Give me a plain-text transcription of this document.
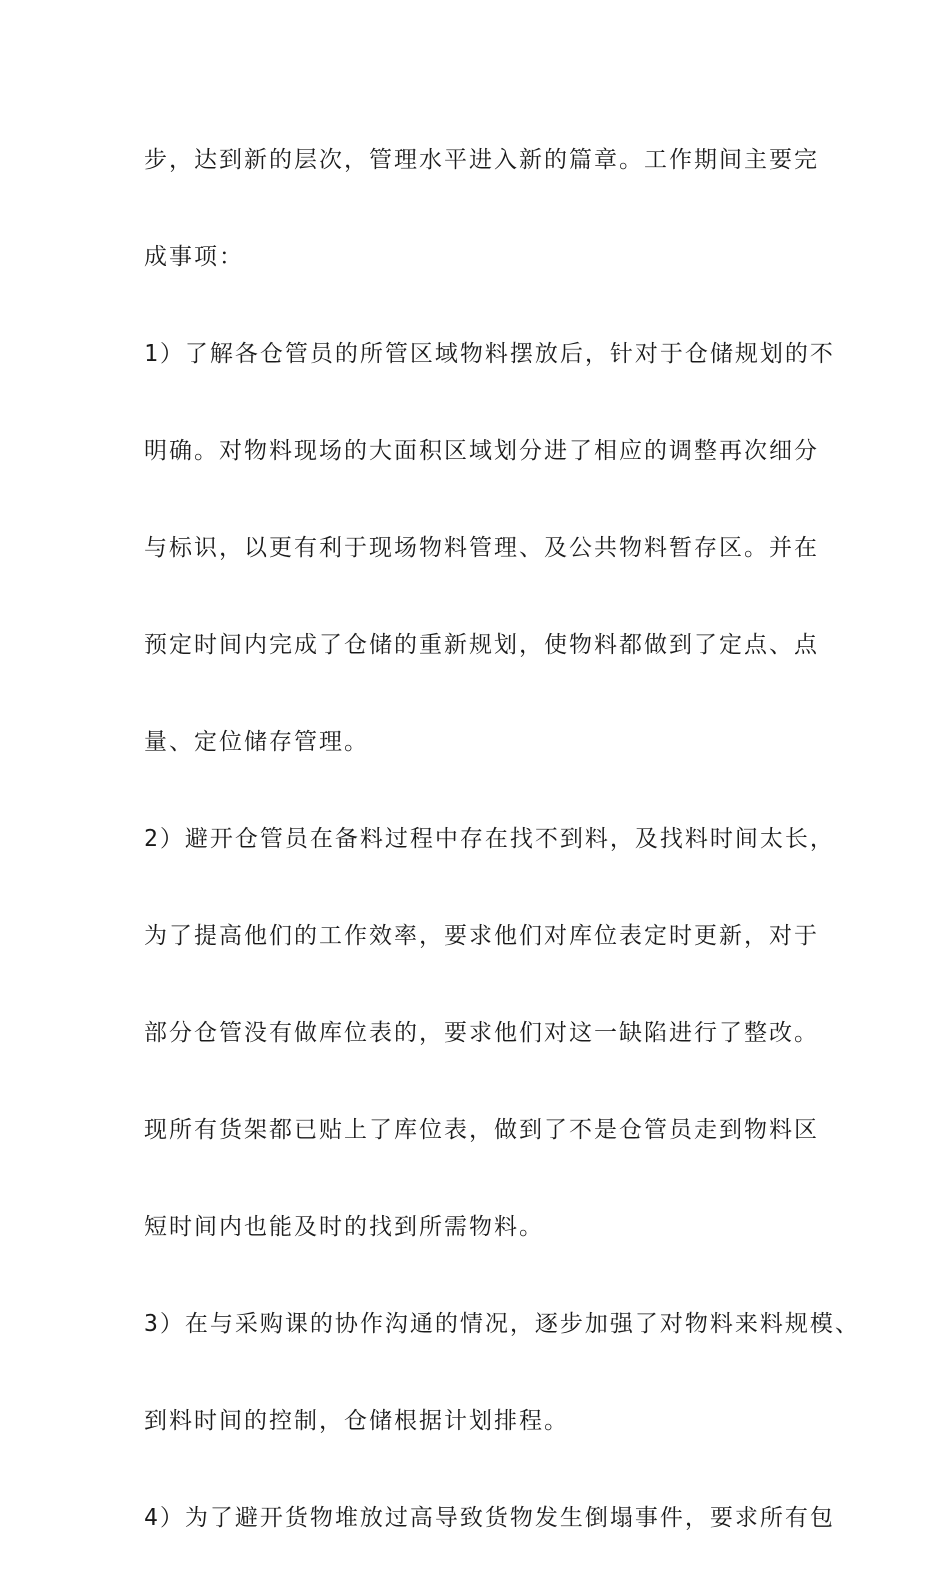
步，达到新的层次，管理水平进入新的篇章。工作期间主要完
成事项：
1）了解各仓管员的所管区域物料摆放后，针对于仓储规划的不
明确。对物料现场的大面积区域划分进了相应的调整再次细分
与标识，以更有利于现场物料管理、及公共物料暂存区。并在
预定时间内完成了仓储的重新规划，使物料都做到了定点、点
量、定位储存管理。
2）避开仓管员在备料过程中存在找不到料，及找料时间太长，
为了提高他们的工作效率，要求他们对库位表定时更新，对于
部分仓管没有做库位表的，要求他们对这一缺陷进行了整改。
现所有货架都已贴上了库位表，做到了不是仓管员走到物料区
短时间内也能及时的找到所需物料。
3）在与采购课的协作沟通的情况，逐步加强了对物料来料规模、
到料时间的控制，仓储根据计划排程。
4）为了避开货物堆放过高导致货物发生倒塌事件，要求所有包
